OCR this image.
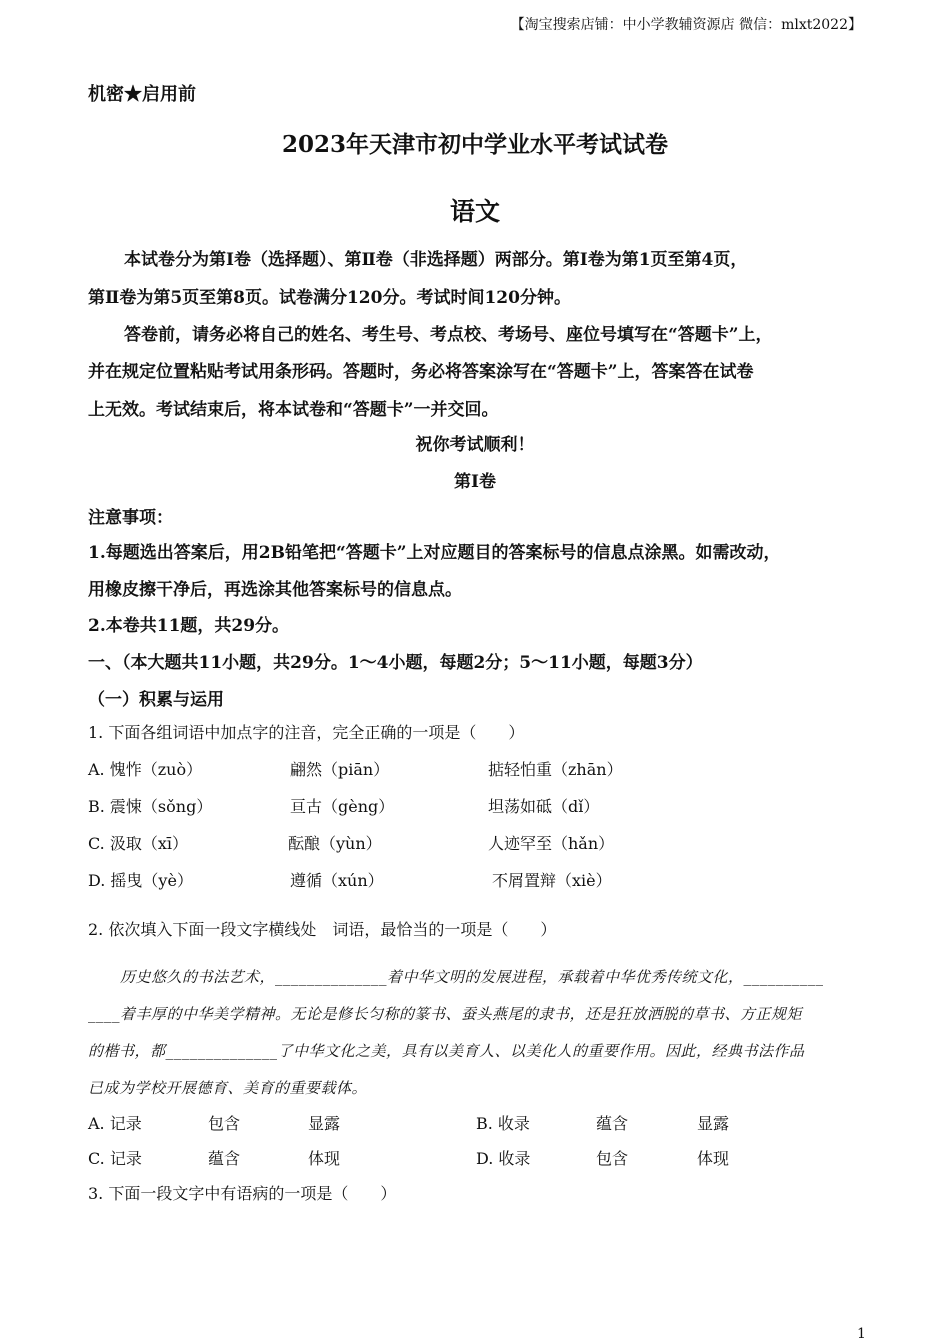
【淘宝搜索店铺：中小学教辅资源店 微信：mlxt2022】
机密★启用前
2023年天津市初中学业水平考试试卷
语文
本试卷分为第Ⅰ卷（选择题）、第Ⅱ卷（非选择题）两部分。第Ⅰ卷为第1页至第4页，
第Ⅱ卷为第5页至第8页。试卷满分120分。考试时间120分钟。
答卷前，请务必将自己的姓名、考生号、考点校、考场号、座位号填写在“答题卡”上，
并在规定位置粘贴考试用条形码。答题时，务必将答案涂写在“答题卡”上，答案答在试卷
上无效。考试结束后，将本试卷和“答题卡”一并交回。
祝你考试顺利！
第Ⅰ卷
注意事项：
1.每题选出答案后，用2B铅笔把“答题卡”上对应题目的答案标号的信息点涂黑。如需改动，
用橡皮擦干净后，再选涂其他答案标号的信息点。
2.本卷共11题，共29分。
一、（本大题共11小题，共29分。1～4小题，每题2分；5～11小题，每题3分）
（一）积累与运用
1. 下面各组词语中加点字的注音，完全正确的一项是（　　）
A. 愧怍（zuò）	翩然（piān）	掂轻怕重（zhān）
B. 震悚（sǒng）	亘古（gèng）	坦荡如砥（dǐ）
C. 汲取（xī）	酝酿（yùn）	人迹罕至（hǎn）
D. 摇曳（yè）	遵循（xún）	不屑置辩（xiè）
2. 依次填入下面一段文字横线处　词语，最恰当的一项是（　　）
历史悠久的书法艺术，______________着中华文明的发展进程，承载着中华优秀传统文化，__________
____着丰厚的中华美学精神。无论是修长匀称的篆书、蚕头燕尾的隶书，还是狂放洒脱的草书、方正规矩
的楷书，都______________了中华文化之美，具有以美育人、以美化人的重要作用。因此，经典书法作品
已成为学校开展德育、美育的重要载体。
A. 记录	包含	显露	B. 收录	蕴含	显露
C. 记录	蕴含	体现	D. 收录	包含	体现
3. 下面一段文字中有语病的一项是（　　）
1
